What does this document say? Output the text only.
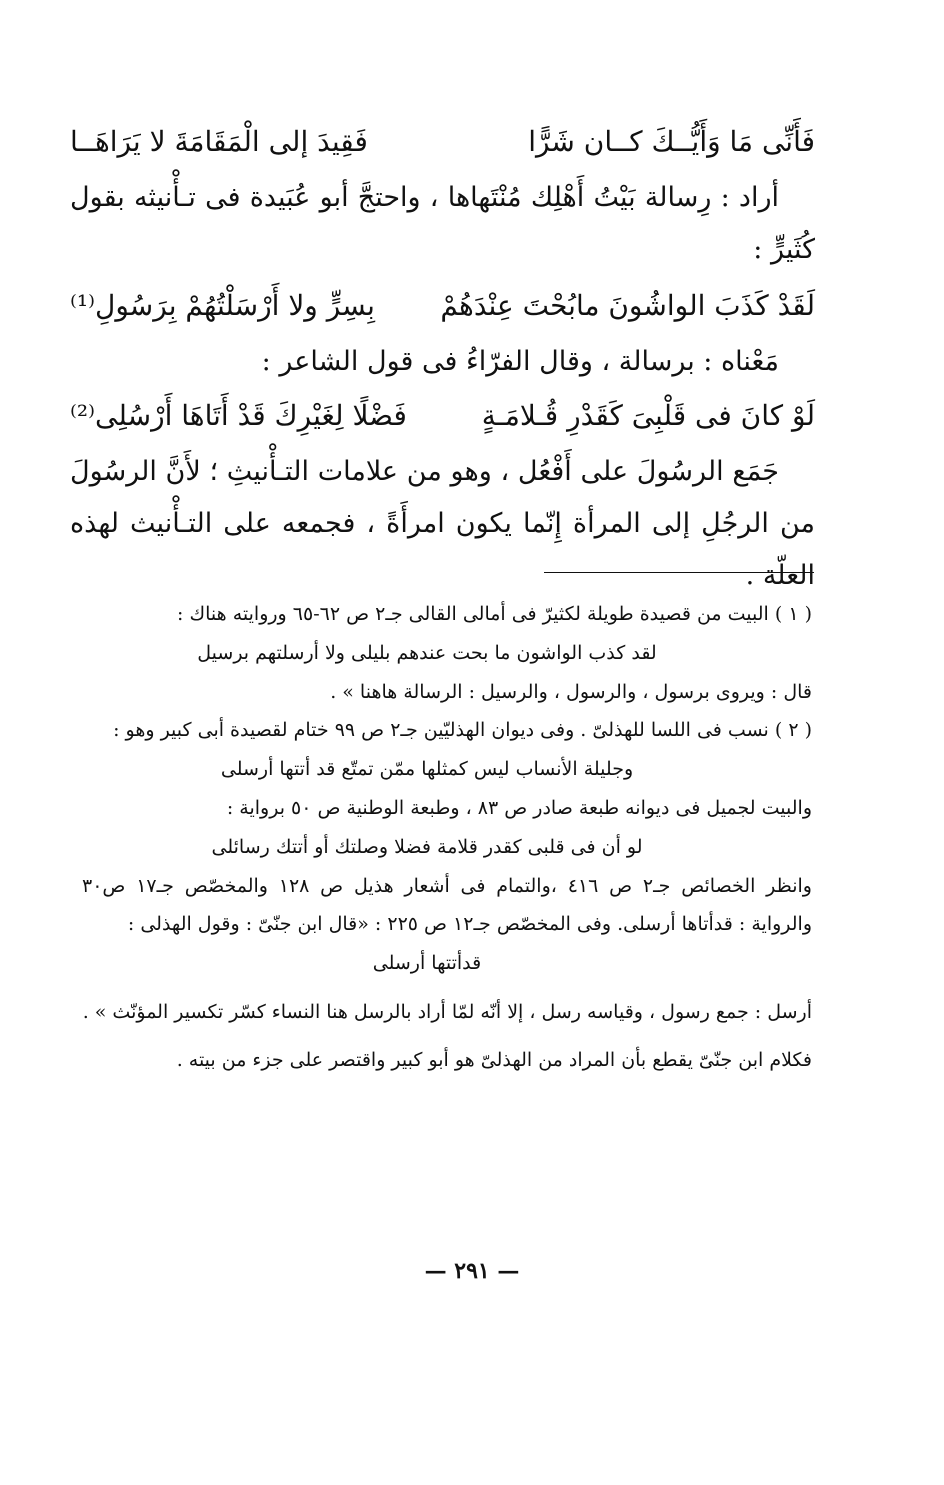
فَأَنِّى مَا وَأَيُّــكَ كــان شَرًّا
فَقِيدَ إلى الْمَقَامَةَ لا يَرَاهَــا

أراد : رِسالة بَيْتُ أَهْلِك مُنْتَهاها ، واحتجَّ أبو عُبَيدة فى تـأْنيثه بقول كُثَيرٍّ :

لَقَدْ كَذَبَ الواشُونَ مابُحْتَ عِنْدَهُمْ
بِسِرٍّ ولا أَرْسَلْتُهُمْ بِرَسُولِ⁽¹⁾

مَعْناه : برسالة ، وقال الفرّاءُ فى قول الشاعر :

لَوْ كانَ فى قَلْبِىَ كَقَدْرِ قُـلامَـةٍ
فَضْلًا لِغَيْرِكَ قَدْ أَتَاهَا أَرْسُلِى⁽²⁾

جَمَع الرسُولَ على أَفْعُل ، وهو من علامات التـأْنيثِ ؛ لأَنَّ الرسُولَ من الرجُلِ إلى المرأة إِنّما يكون امرأَةً ، فجمعه على التـأْنيث لهذه العلّة .

( ١ ) البيت من قصيدة طويلة لكثيرّ فى أمالى القالى جـ٢ ص ٦٢-٦٥ وروايته هناك :

لقد كذب الواشون ما بحت عندهم بليلى ولا أرسلتهم برسيل

قال : ويروى برسول ، والرسول ، والرسيل : الرسالة هاهنا » .

( ٢ ) نسب فى اللسا للهذلىّ . وفى ديوان الهذليّين جـ٢ ص ٩٩ ختام لقصيدة أبى كبير وهو :

وجليلة الأنساب ليس كمثلها ممّن تمتّع قد أتتها أرسلى

والبيت لجميل فى ديوانه طبعة صادر ص ٨٣ ، وطبعة الوطنية ص ٥٠ برواية :

لو أن فى قلبى كقدر قلامة فضلا وصلتك أو أتتك رسائلى

وانظر الخصائص جـ٢ ص ٤١٦ ،والتمام فى أشعار هذيل ص ١٢٨ والمخصّص جـ١٧ ص٣٠ والرواية : قدأتاها أرسلى. وفى المخصّص جـ١٢ ص ٢٢٥ : «قال ابن جنّىّ : وقول الهذلى :

قدأتتها أرسلى

أرسل : جمع رسول ، وقياسه رسل ، إلا أنّه لمّا أراد بالرسل هنا النساء كسّر تكسير المؤنّث » .

فكلام ابن جنّىّ يقطع بأن المراد من الهذلىّ هو أبو كبير واقتصر على جزء من بيته .

— ٢٩١ —
